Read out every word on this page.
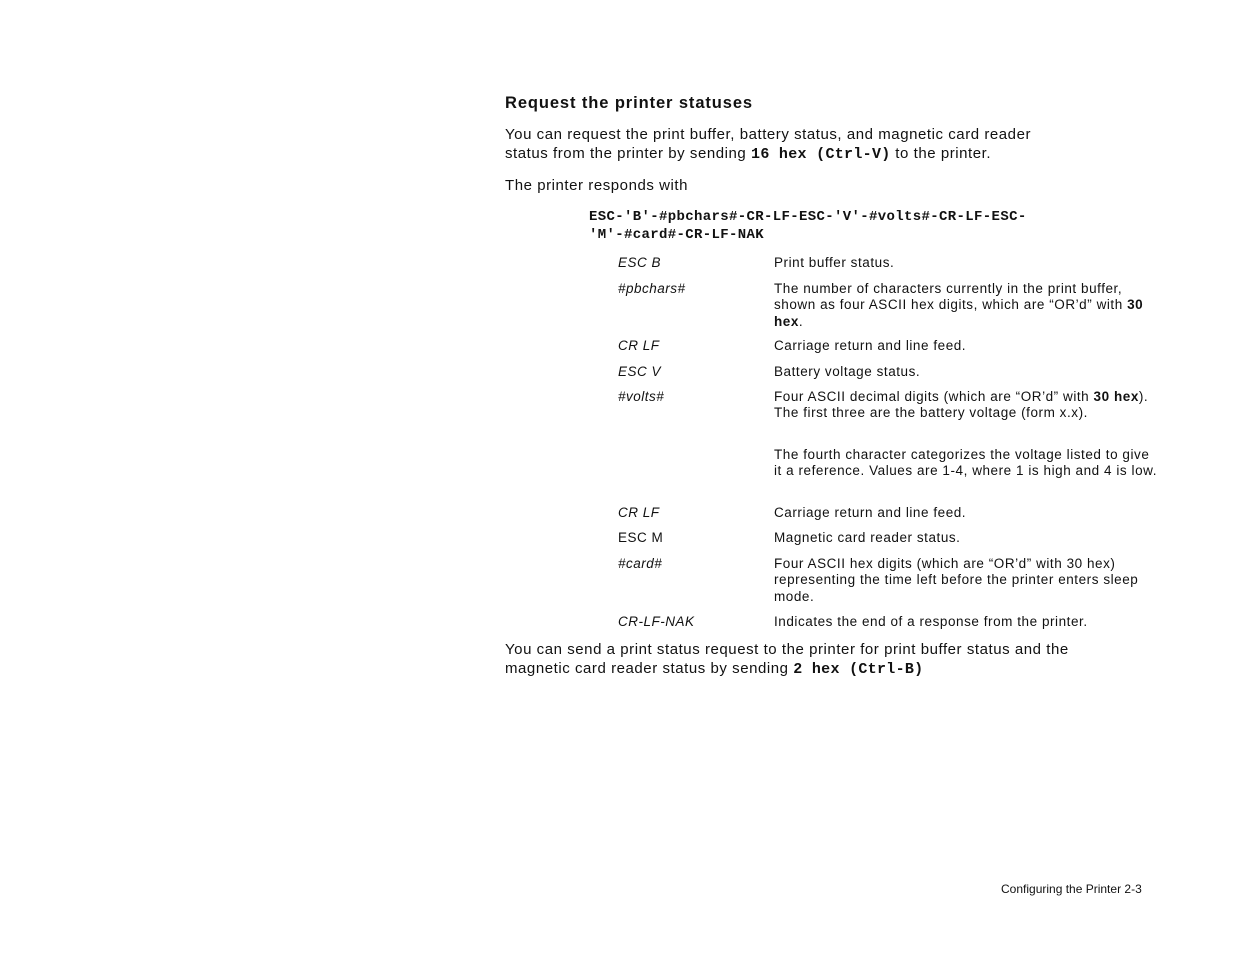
Request the printer statuses
You can request the print buffer, battery status, and magnetic card reader
status from the printer by sending 16 hex (Ctrl-V) to the printer.
The printer responds with
ESC-'B'-#pbchars#-CR-LF-ESC-'V'-#volts#-CR-LF-ESC-
'M'-#card#-CR-LF-NAK
ESC B	Print buffer status.
#pbchars#	The number of characters currently in the print buffer, shown as four ASCII hex digits, which are “OR’d” with 30 hex.
CR LF	Carriage return and line feed.
ESC V	Battery voltage status.
#volts#	Four ASCII decimal digits (which are “OR’d” with 30 hex). The first three are the battery voltage (form x.x).
The fourth character categorizes the voltage listed to give it a reference. Values are 1-4, where 1 is high and 4 is low.
CR LF	Carriage return and line feed.
ESC M	Magnetic card reader status.
#card#	Four ASCII hex digits (which are “OR’d” with 30 hex) representing the time left before the printer enters sleep mode.
CR-LF-NAK	Indicates the end of a response from the printer.
You can send a print status request to the printer for print buffer status and the
magnetic card reader status by sending 2 hex (Ctrl-B)
Configuring the Printer 2-3
